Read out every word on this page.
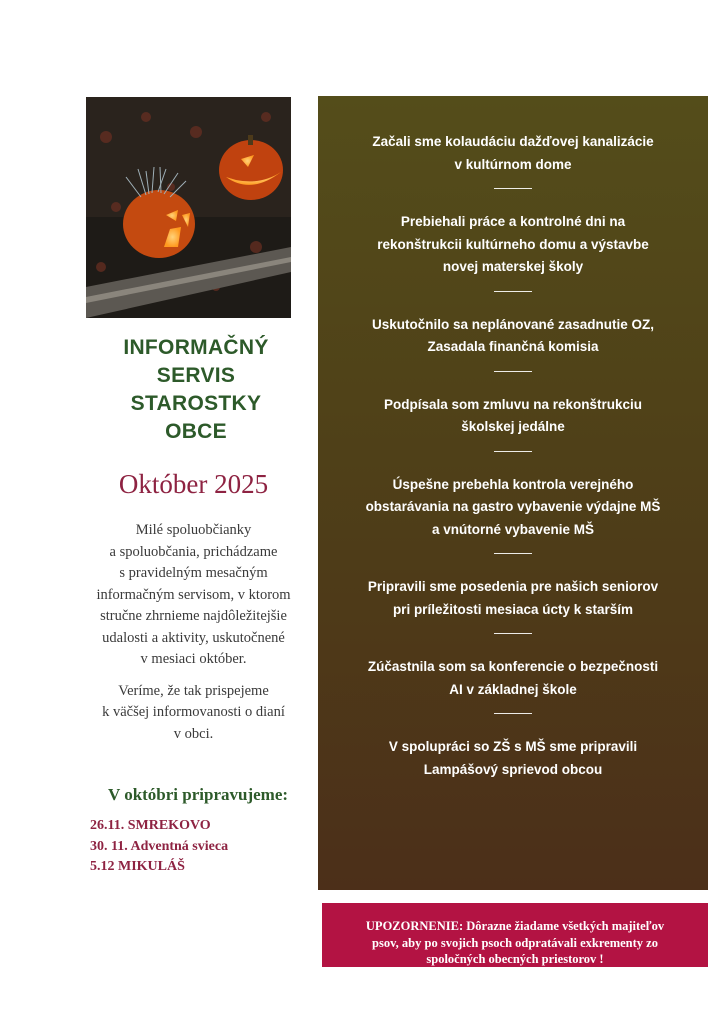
INFORMAČNÝ
SERVIS
STAROSTKY
OBCE
Október 2025

Milé spoluobčianky
a spoluobčania, prichádzame
s pravidelným mesačným
informačným servisom, v ktorom
stručne zhrnieme najdôležitejšie
udalosti a aktivity, uskutočnené
v mesiaci október.

Veríme, že tak prispejeme
k väčšej informovanosti o dianí
v obci.

V októbri pripravujeme:
26.11. SMREKOVO
30. 11. Adventná svieca
5.12 MIKULÁŠ
Začali sme kolaudáciu dažďovej kanalizácie
v kultúrnom dome
Prebiehali práce a kontrolné dni na
rekonštrukcii kultúrneho domu a výstavbe
novej materskej školy
Uskutočnilo sa neplánované zasadnutie OZ,
Zasadala finančná komisia
Podpísala som zmluvu na rekonštrukciu
školskej jedálne
Úspešne prebehla kontrola verejného
obstarávania na gastro vybavenie výdajne MŠ
a vnútorné vybavenie MŠ
Pripravili sme posedenia pre našich seniorov
pri príležitosti mesiaca úcty k starším
Zúčastnila som sa konferencie o bezpečnosti
AI v základnej škole
V spolupráci so ZŠ s MŠ sme pripravili
Lampášový sprievod obcou
UPOZORNENIE: Dôrazne žiadame všetkých majiteľov
psov, aby po svojich psoch odpratávali exkrementy zo
spoločných obecných priestorov !
